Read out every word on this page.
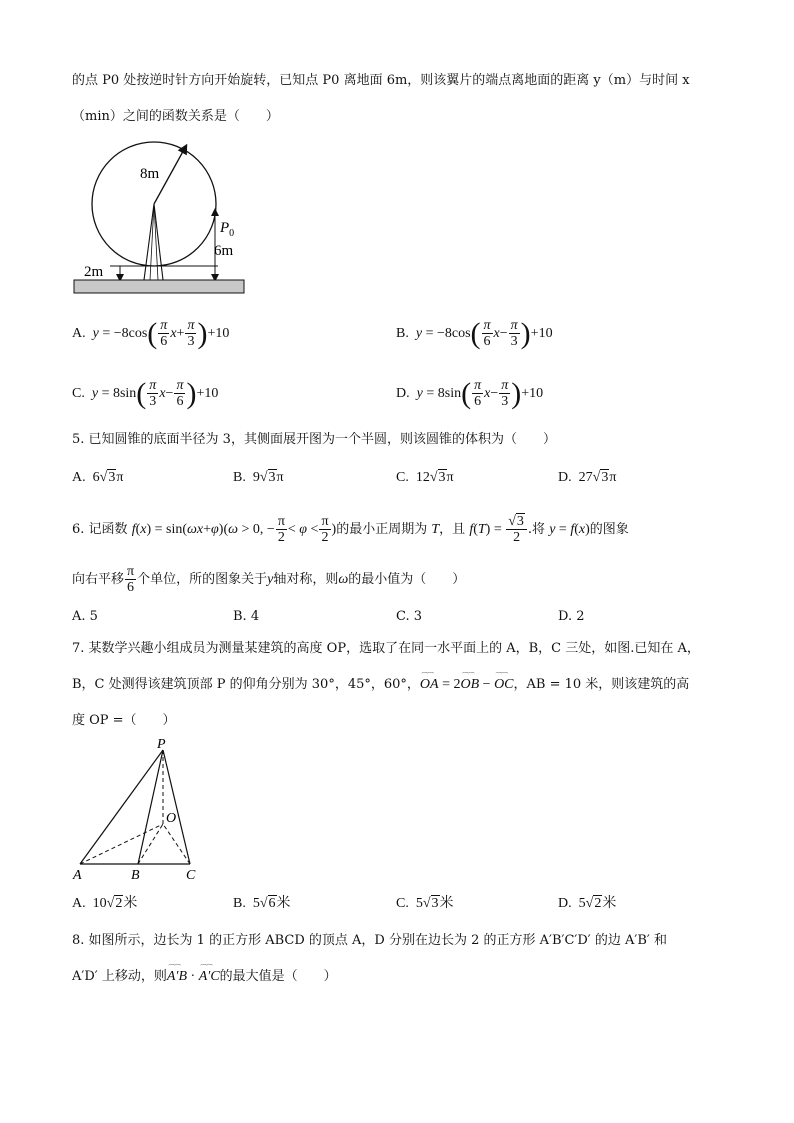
的点 P0 处按逆时针方向开始旋转，已知点 P0 离地面 6m，则该翼片的端点离地面的距离 y（m）与时间 x
（min）之间的函数关系是（　　）
8m
$P_0$
6m
2m
A. $y = -8\cos( \frac{\pi}{6} x+ \frac{\pi}{3} )+10$	B. $y = -8\cos( \frac{\pi}{6} x- \frac{\pi}{3} )+10$
C. $y = 8\sin( \frac{\pi}{3} x- \frac{\pi}{6} )+10$	D. $y = 8\sin( \frac{\pi}{6} x- \frac{\pi}{3} )+10$
5. 已知圆锥的底面半径为 3，其侧面展开图为一个半圆，则该圆锥的体积为（　　）
A. 6√3π	B. 9√3π	C. 12√3π	D. 27√3π
6. 记函数 f(x) = sin(ωx+φ)(ω > 0, − $\frac{\pi}{2} < \varphi < \frac{\pi}{2}$ )的最小正周期为 T，且 $f(T) = \frac{√3}{2}$ .将 y = f(x)的图象
向右平移 $\frac{\pi}{6}$ 个单位，所的图象关于y轴对称，则ω的最小值为（　　）
A. 5	B. 4	C. 3	D. 2
7. 某数学兴趣小组成员为测量某建筑的高度 OP，选取了在同一水平面上的 A，B，C 三处，如图.已知在 A，
B，C 处测得该建筑顶部 P 的仰角分别为 30°，45°，60°，⌒⌒ OA = 2⌒⌒ OB − ⌒⌒ OC，AB = 10 米，则该建筑的高
度 OP =（　　）
P
O
A	B	C
A. 10√2米	B. 5√6米	C. 5√3米	D. 5√2米
8. 如图所示，边长为 1 的正方形 ABCD 的顶点 A，D 分别在边长为 2 的正方形 A′B′C′D′ 的边 A′B′ 和
A′D′ 上移动，则⌒⌒ A′B · ⌒⌒ A′C的最大值是（　　）
